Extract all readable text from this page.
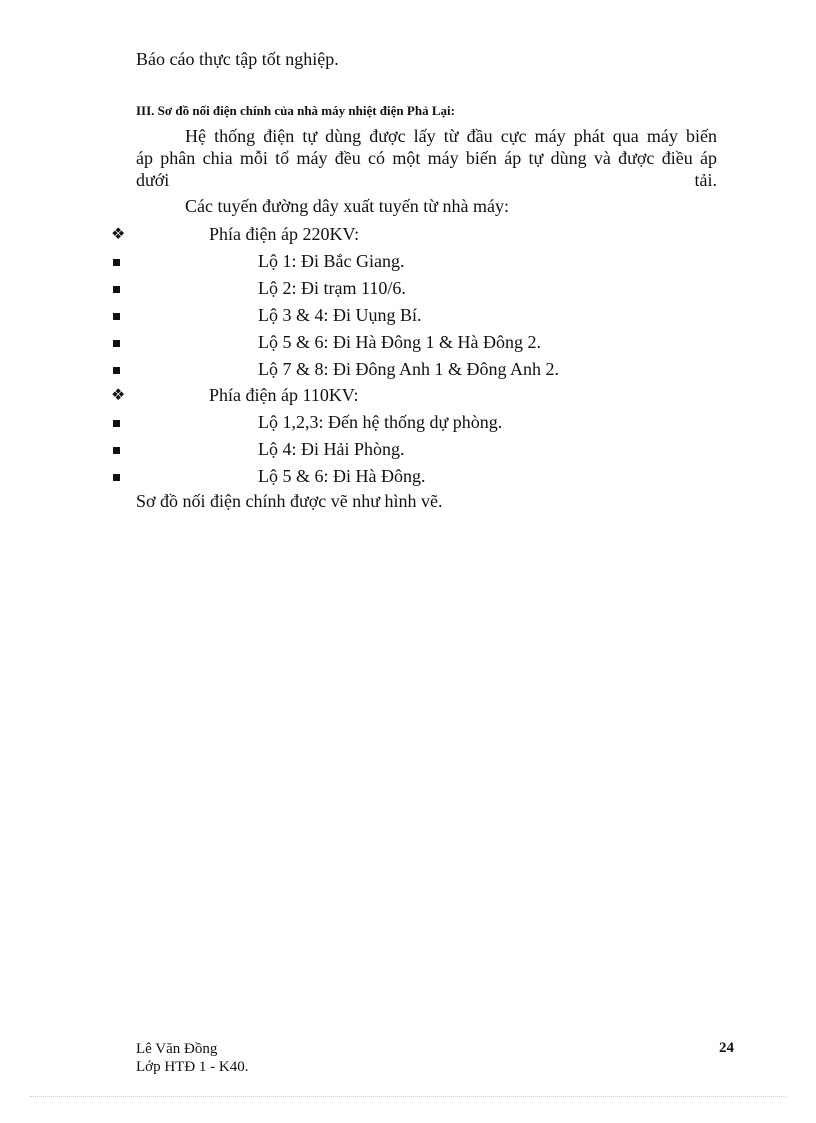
Báo cáo thực tập tốt nghiệp.
III. Sơ đồ nối điện chính của nhà máy nhiệt điện Phả Lại:
Hệ thống điện tự dùng được lấy từ đầu cực máy phát qua máy biến
áp phân chia mỗi tổ máy đều có một máy biến áp tự dùng và được điều áp
dưới	tải.
Các tuyến đường dây xuất tuyến từ nhà máy:
❖	Phía điện áp 220KV:
Lộ 1: Đi Bắc Giang.
Lộ 2: Đi trạm 110/6.
Lộ 3 & 4: Đi Uụng Bí.
Lộ 5 & 6: Đi Hà Đông 1 & Hà Đông 2.
Lộ 7 & 8: Đi Đông Anh 1 & Đông Anh 2.
❖	Phía điện áp 110KV:
Lộ 1,2,3: Đến hệ thống dự phòng.
Lộ 4: Đi Hải Phòng.
Lộ 5 & 6: Đi Hà Đông.
Sơ đồ nối điện chính được vẽ như hình vẽ.
Lê Văn Đồng
Lớp HTĐ 1 - K40.
24
